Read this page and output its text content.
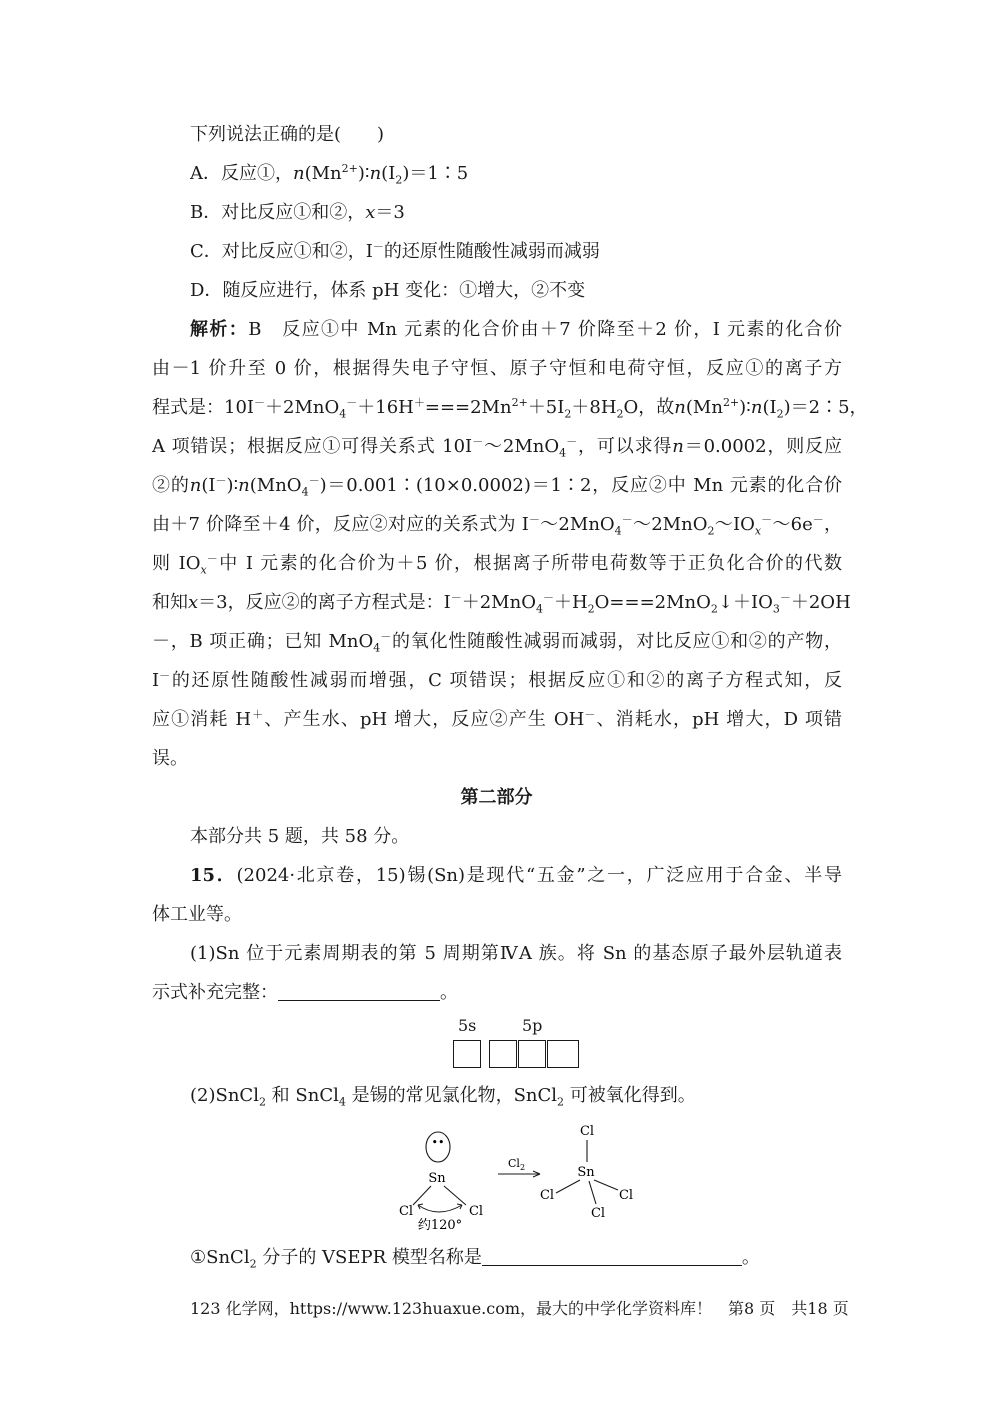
下列说法正确的是(　　)
A．反应①，$n(Mn^{2+})∶n(I_2)=1∶5$
B．对比反应①和②，x＝3
C．对比反应①和②，I－的还原性随酸性减弱而减弱
D．随反应进行，体系 pH 变化：①增大，②不变
解析：B　 反应①中 Mn 元素的化合价由＋7 价降至＋2 价，I 元素的化合价
由－1 价升至 0 价，根据得失电子守恒、原子守恒和电荷守恒，反应①的离子方
程式是：$10I^-+2MnO_4^-+16H^+===2Mn^{2+}+5I_2+8H_2O$，故$n(Mn^{2+})∶n(I_2)=2∶5$，
A 项错误；根据反应①可得关系式 10I－～2MnO$_4$－，可以求得n＝0.0002，则反应
②的n(I－)∶n(MnO$_4$－)＝0.001∶(10×0.0002)＝1∶2，反应②中 Mn 元素的化合价
由＋7 价降至＋4 价，反应②对应的关系式为 $I^-\sim 2MnO_4^-\sim 2MnO_2\sim IO_x^-\sim 6e^-$，
则 $IO_x^-$中 I 元素的化合价为＋5 价，根据离子所带电荷数等于正负化合价的代数
和知x＝3，反应②的离子方程式是：$I^-+2MnO_4^-+H_2O===2MnO_2↓+IO_3^-+2OH$
－，B 项正确；已知 MnO$_4$－的氧化性随酸性减弱而减弱，对比反应①和②的产物，
I－的还原性随酸性减弱而增强，C 项错误；根据反应①和②的离子方程式知，反
应①消耗 H＋、产生水、pH 增大，反应②产生 OH－、消耗水，pH 增大，D 项错
误。
第二部分
本部分共 5 题，共 58 分。
15．(2024·北京卷，15)锡(Sn)是现代“五金”之一，广泛应用于合金、半导
体工业等。
(1)Sn 位于元素周期表的第 5 周期第ⅣA 族。将 Sn 的基态原子最外层轨道表
示式补充完整：	。
5s	5p
(2)SnCl$_2$ 和 SnCl$_4$ 是锡的常见氯化物，SnCl$_2$ 可被氧化得到。
••
Sn
Cl	Cl
约120°
$Cl_2$
Cl
Sn
Cl	Cl
Cl
①SnCl$_2$ 分子的 VSEPR 模型名称是	。
123 化学网，https://www.123huaxue.com，最大的中学化学资料库！　第8 页　共18 页
